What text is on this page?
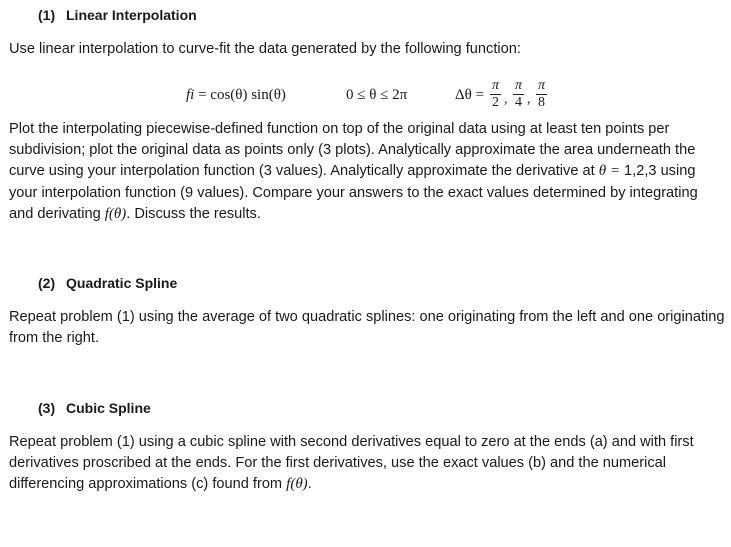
(1) Linear Interpolation
Use linear interpolation to curve-fit the data generated by the following function:
fi = cos(θ) sin(θ)	0 ≤ θ ≤ 2π	Δθ =
π
2 ,
π
4 ,
π
8
Plot the interpolating piecewise-defined function on top of the original data using at least ten points per subdivision; plot the original data as points only (3 plots). Analytically approximate the area underneath the curve using your interpolation function (3 values). Analytically approximate the derivative at θ = 1,2,3 using your interpolation function (9 values). Compare your answers to the exact values determined by integrating and derivating f(θ). Discuss the results.
(2) Quadratic Spline
Repeat problem (1) using the average of two quadratic splines: one originating from the left and one originating from the right.
(3) Cubic Spline
Repeat problem (1) using a cubic spline with second derivatives equal to zero at the ends (a) and with first derivatives proscribed at the ends. For the first derivatives, use the exact values (b) and the numerical differencing approximations (c) found from f(θ).
